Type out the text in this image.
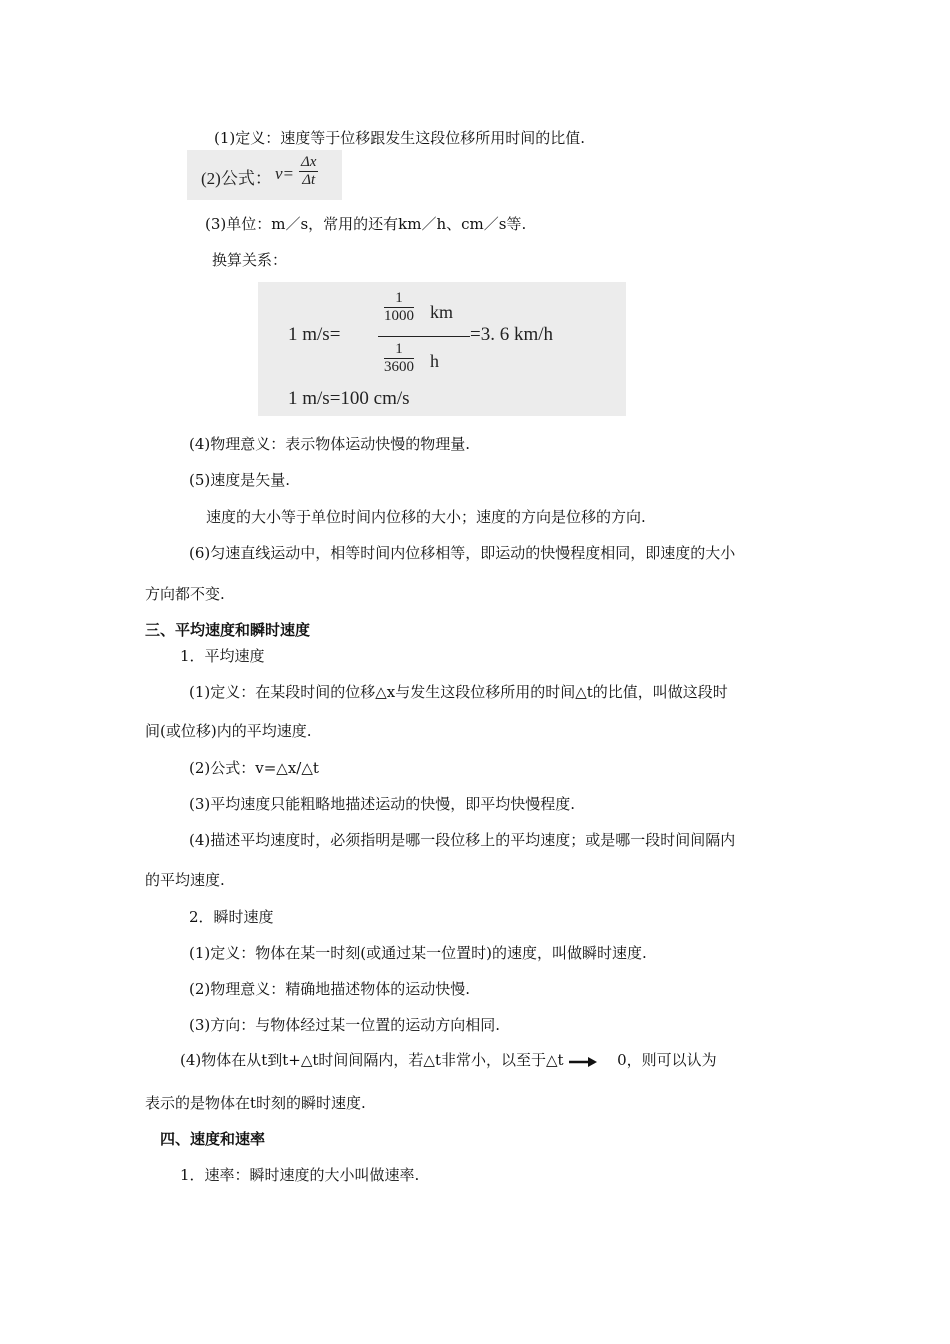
(1)定义：速度等于位移跟发生这段位移所用时间的比值.
(2)公式： $v= \frac{\Delta x}{\Delta t}$
(3)单位：m／s，常用的还有km／h、cm／s等.
换算关系：
1 m/s=	$\frac{\frac{1}{1000} km}{\frac{1}{3600} h} =3$. 6 km/h
1 m/s=100 cm/s
(4)物理意义：表示物体运动快慢的物理量.
(5)速度是矢量.
速度的大小等于单位时间内位移的大小；速度的方向是位移的方向.
(6)匀速直线运动中，相等时间内位移相等，即运动的快慢程度相同，即速度的大小
方向都不变.
三、平均速度和瞬时速度
1．平均速度
(1)定义：在某段时间的位移△x与发生这段位移所用的时间△t的比值，叫做这段时
间(或位移)内的平均速度.
(2)公式：v=△x/△t
(3)平均速度只能粗略地描述运动的快慢，即平均快慢程度.
(4)描述平均速度时，必须指明是哪一段位移上的平均速度；或是哪一段时间间隔内
的平均速度.
2．瞬时速度
(1)定义：物体在某一时刻(或通过某一位置时)的速度，叫做瞬时速度.
(2)物理意义：精确地描述物体的运动快慢.
(3)方向：与物体经过某一位置的运动方向相同.
(4)物体在从t到t+△t时间间隔内，若△t非常小，以至于△t	0，则可以认为
表示的是物体在t时刻的瞬时速度.
四、速度和速率
1．速率：瞬时速度的大小叫做速率.
